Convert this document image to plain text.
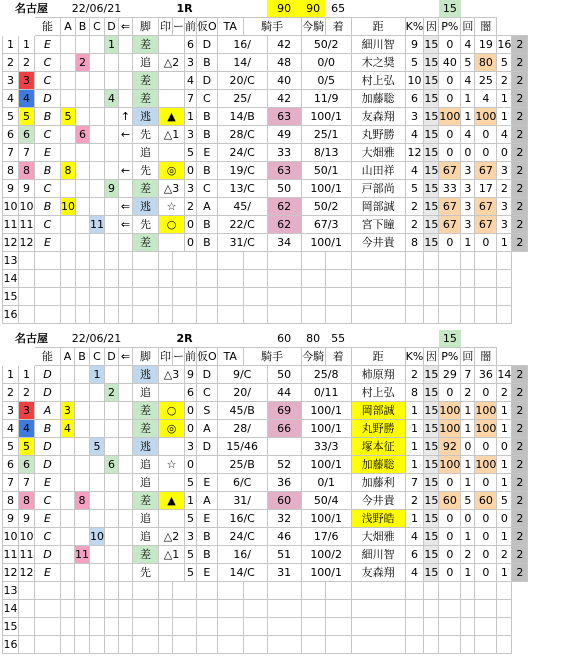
名古屋			22/06/21							1R					90	90	65				15				
		能	A	B	C	D	⇐	脚	印	ー	前	仮O	TA	騎手		今騎	着	距	K%	因	P%	回	闇		
1	1	E				1		差			6	D	16/		42	50/2		細川智	9	15	0	4	19	16	2
2	2	C		2				追	△2		3	B	14/		48	0/0		木之奨	5	15	40	5	80	5	2
3	3	C						差			4	D	20/C		40	0/5		村上弘	10	15	0	4	25	2	2
4	4	D				4		差			7	C	25/		42	11/9		加藤聡	6	15	0	1	4	1	2
5	5	B	5				↑	逃	▲		1	B	14/B		63	100/1		友森翔	3	15	100	1	100	1	2
6	6	C		6			←	先	△1		3	B	28/C		49	25/1		丸野勝	4	15	0	4	0	4	2
7	7	E						追			5	E	24/C		33	8/13		大畑雅	12	15	0	0	0	0	2
8	8	B	8				←	先	◎		0	B	19/C		63	50/1		山田祥	4	15	67	3	67	3	2
9	9	C				9		差	△3		3	C	13/C		50	100/1		戸部尚	5	15	33	3	17	2	2
10	10	B	10				⇐	逃	☆		2	A	45/		62	50/2		岡部誠	2	15	67	3	67	3	2
11	11	C			11		⇐	先	○		0	B	22/C		62	67/3		宮下瞳	2	15	67	3	67	3	2
12	12	E						差			0	B	31/C		34	100/1		今井貴	8	15	0	1	0	1	2
13																									
14																									
15																									
16																									
名古屋			22/06/21							2R					60	80	55				15				
		能	A	B	C	D	⇐	脚	印	ー	前	仮O	TA	騎手		今騎	着	距	K%	因	P%	回	闇		
1	1	D			1			逃	△3		9	D	9/C		50	25/8		柿原翔	2	15	29	7	36	14	2
2	2	D				2		追			6	C	20/		44	0/11		村上弘	8	15	0	2	0	2	2
3	3	A	3					差	○		0	S	45/B		69	100/1		岡部誠	1	15	100	1	100	1	2
4	4	B	4					差	◎		0	A	28/		66	100/1		丸野勝	1	15	100	1	100	1	2
5	5	D			5			逃			3	D	15/46			33/3		塚本征	1	15	92	0	0	0	2
6	6	D				6		追	☆		0		25/B		52	100/1		加藤聡	1	15	100	1	100	1	2
7	7	E						追			5	E	6/C		36	0/1		加藤利	7	15	0	1	0	1	2
8	8	C		8				差	▲		1	A	31/		60	50/4		今井貴	2	15	60	5	60	5	2
9	9	E						追			5	E	16/C		32	100/1		浅野皓	1	15	0	0	0	0	2
10	10	C			10			追	△2		3	B	24/C		46	17/6		大畑雅	4	15	0	1	0	1	2
11	11	D		11				差	△1		5	B	16/		51	100/2		細川智	6	15	0	2	0	2	2
12	12	E						先			5	E	14/C		31	100/1		友森翔	4	15	0	1	0	1	2
13																									
14																									
15																									
16																									
